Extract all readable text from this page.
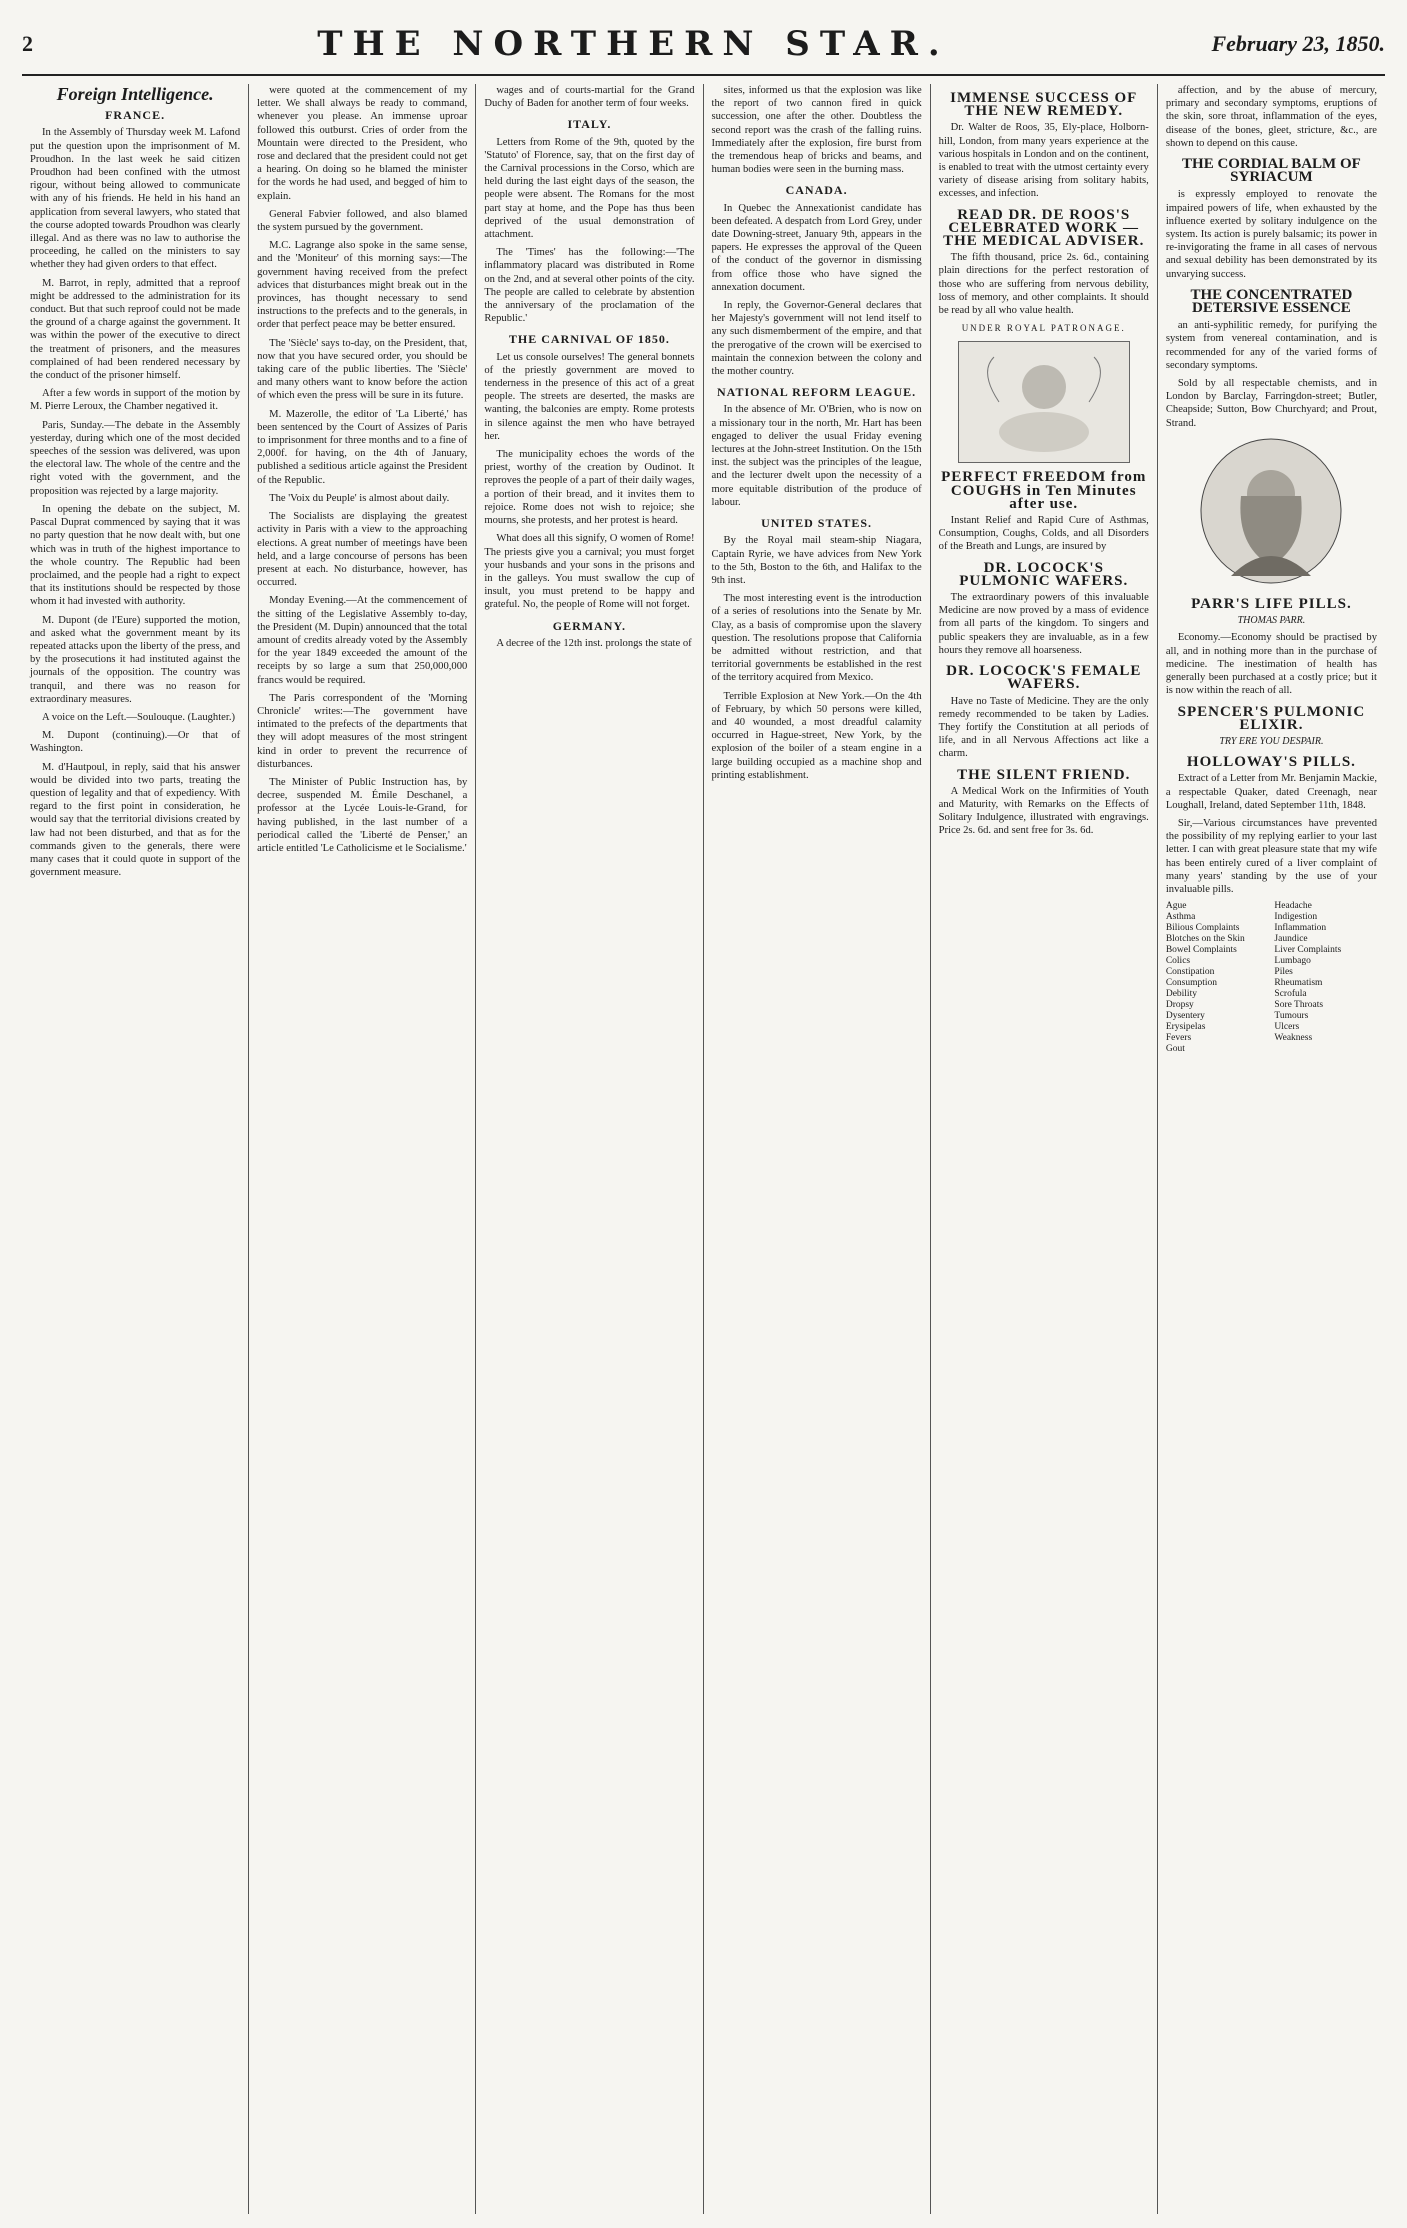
2	THE NORTHERN STAR.	February 23, 1850.
Foreign Intelligence.
FRANCE.

In the Assembly of Thursday week M. Lafond put the question upon the imprisonment of M. Proudhon. In the last week he said citizen Proudhon had been confined with the utmost rigour, without being allowed to communicate with any of his friends. He held in his hand an application from several lawyers, who stated that the course adopted towards Proudhon was clearly illegal. And as there was no law to authorise the proceeding, he called on the ministers to say whether they had given orders to that effect.

M. Barrot, in reply, admitted that a reproof might be addressed to the administration for its conduct. But that such reproof could not be made the ground of a charge against the government. It was within the power of the executive to direct the treatment of prisoners, and the measures complained of had been rendered necessary by the conduct of the prisoner himself.

After a few words in support of the motion by M. Pierre Leroux, the Chamber negatived it.

Paris, Sunday.—The debate in the Assembly yesterday, during which one of the most decided speeches of the session was delivered, was upon the electoral law. The whole of the centre and the right voted with the government, and the proposition was rejected by a large majority.

In opening the debate on the subject, M. Pascal Duprat commenced by saying that it was no party question that he now dealt with, but one which was in truth of the highest importance to the whole country. The Republic had been proclaimed, and the people had a right to expect that its institutions should be respected by those whom it had invested with authority.

M. Dupont (de l'Eure) supported the motion, and asked what the government meant by its repeated attacks upon the liberty of the press, and by the prosecutions it had instituted against the journals of the opposition. The country was tranquil, and there was no reason for extraordinary measures.

A voice on the Left.—Soulouque. (Laughter.)

M. Dupont (continuing).—Or that of Washington.

M. d'Hautpoul, in reply, said that his answer would be divided into two parts, treating the question of legality and that of expediency. With regard to the first point in consideration, he would say that the territorial divisions created by law had not been disturbed, and that as for the commands given to the generals, there were many cases that it could quote in support of the government measure.

were quoted at the commencement of my letter. We shall always be ready to command, whenever you please. An immense uproar followed this outburst. Cries of order from the Mountain were directed to the President, who rose and declared that the president could not get a hearing. On doing so he blamed the minister for the words he had used, and begged of him to explain.

General Fabvier followed, and also blamed the system pursued by the government.

M.C. Lagrange also spoke in the same sense, and the 'Moniteur' of this morning says:—The government having received from the prefect advices that disturbances might break out in the provinces, has thought necessary to send instructions to the prefects and to the generals, in order that perfect peace may be better ensured.

The 'Siècle' says to-day, on the President, that, now that you have secured order, you should be taking care of the public liberties. The 'Siècle' and many others want to know before the action of which even the press will be sure in its future.

M. Mazerolle, the editor of 'La Liberté,' has been sentenced by the Court of Assizes of Paris to imprisonment for three months and to a fine of 2,000f. for having, on the 4th of January, published a seditious article against the President of the Republic.

The 'Voix du Peuple' is almost about daily.

The Socialists are displaying the greatest activity in Paris with a view to the approaching elections. A great number of meetings have been held, and a large concourse of persons has been present at each. No disturbance, however, has occurred.

Monday Evening.—At the commencement of the sitting of the Legislative Assembly to-day, the President (M. Dupin) announced that the total amount of credits already voted by the Assembly for the year 1849 exceeded the amount of the receipts by so large a sum that 250,000,000 francs would be required.

The Paris correspondent of the 'Morning Chronicle' writes:—The government have intimated to the prefects of the departments that they will adopt measures of the most stringent kind in order to prevent the recurrence of disturbances.

The Minister of Public Instruction has, by decree, suspended M. Émile Deschanel, a professor at the Lycée Louis-le-Grand, for having published, in the last number of a periodical called the 'Liberté de Penser,' an article entitled 'Le Catholicisme et le Socialisme.'

wages and of courts-martial for the Grand Duchy of Baden for another term of four weeks.

ITALY.

Letters from Rome of the 9th, quoted by the 'Statuto' of Florence, say, that on the first day of the Carnival processions in the Corso, which are held during the last eight days of the season, the people were absent. The Romans for the most part stay at home, and the Pope has thus been deprived of the usual demonstration of attachment.

The 'Times' has the following:—'The inflammatory placard was distributed in Rome on the 2nd, and at several other points of the city. The people are called to celebrate by abstention the anniversary of the proclamation of the Republic.'

THE CARNIVAL OF 1850.

Let us console ourselves! The general bonnets of the priestly government are moved to tenderness in the presence of this act of a great people. The streets are deserted, the masks are wanting, the balconies are empty. Rome protests in silence against the men who have betrayed her.

The municipality echoes the words of the priest, worthy of the creation by Oudinot. It reproves the people of a part of their daily wages, a portion of their bread, and it invites them to rejoice. Rome does not wish to rejoice; she mourns, she protests, and her protest is heard.

What does all this signify, O women of Rome! The priests give you a carnival; you must forget your husbands and your sons in the prisons and in the galleys. You must swallow the cup of insult, you must pretend to be happy and grateful. No, the people of Rome will not forget.

GERMANY.

A decree of the 12th inst. prolongs the state of

sites, informed us that the explosion was like the report of two cannon fired in quick succession, one after the other. Doubtless the second report was the crash of the falling ruins. Immediately after the explosion, fire burst from the tremendous heap of bricks and beams, and human bodies were seen in the burning mass.

CANADA.

In Quebec the Annexationist candidate has been defeated. A despatch from Lord Grey, under date Downing-street, January 9th, appears in the papers. He expresses the approval of the Queen of the conduct of the governor in dismissing from office those who have signed the annexation document.

In reply, the Governor-General declares that her Majesty's government will not lend itself to any such dismemberment of the empire, and that the prerogative of the crown will be exercised to maintain the connexion between the colony and the mother country.

NATIONAL REFORM LEAGUE.

In the absence of Mr. O'Brien, who is now on a missionary tour in the north, Mr. Hart has been engaged to deliver the usual Friday evening lectures at the John-street Institution. On the 15th inst. the subject was the principles of the league, and the lecturer dwelt upon the necessity of a more equitable distribution of the produce of labour.

UNITED STATES.

By the Royal mail steam-ship Niagara, Captain Ryrie, we have advices from New York to the 5th, Boston to the 6th, and Halifax to the 9th inst.

The most interesting event is the introduction of a series of resolutions into the Senate by Mr. Clay, as a basis of compromise upon the slavery question. The resolutions propose that California be admitted without restriction, and that territorial governments be established in the rest of the territory acquired from Mexico.

Terrible Explosion at New York.—On the 4th of February, by which 50 persons were killed, and 40 wounded, a most dreadful calamity occurred in Hague-street, New York, by the explosion of the boiler of a steam engine in a large building occupied as a machine shop and printing establishment.

IMMENSE SUCCESS OF THE NEW REMEDY.

Dr. Walter de Roos, 35, Ely-place, Holborn-hill, London, from many years experience at the various hospitals in London and on the continent, is enabled to treat with the utmost certainty every variety of disease arising from solitary habits, excesses, and infection.

READ DR. DE ROOS'S CELEBRATED WORK — THE MEDICAL ADVISER.

The fifth thousand, price 2s. 6d., containing plain directions for the perfect restoration of those who are suffering from nervous debility, loss of memory, and other complaints. It should be read by all who value health.

UNDER ROYAL PATRONAGE.
PERFECT FREEDOM from COUGHS in Ten Minutes after use.

Instant Relief and Rapid Cure of Asthmas, Consumption, Coughs, Colds, and all Disorders of the Breath and Lungs, are insured by

DR. LOCOCK'S PULMONIC WAFERS.

The extraordinary powers of this invaluable Medicine are now proved by a mass of evidence from all parts of the kingdom. To singers and public speakers they are invaluable, as in a few hours they remove all hoarseness.

DR. LOCOCK'S FEMALE WAFERS.

Have no Taste of Medicine. They are the only remedy recommended to be taken by Ladies. They fortify the Constitution at all periods of life, and in all Nervous Affections act like a charm.

THE SILENT FRIEND.

A Medical Work on the Infirmities of Youth and Maturity, with Remarks on the Effects of Solitary Indulgence, illustrated with engravings. Price 2s. 6d. and sent free for 3s. 6d.

affection, and by the abuse of mercury, primary and secondary symptoms, eruptions of the skin, sore throat, inflammation of the eyes, disease of the bones, gleet, stricture, &c., are shown to depend on this cause.

THE CORDIAL BALM OF SYRIACUM

is expressly employed to renovate the impaired powers of life, when exhausted by the influence exerted by solitary indulgence on the system. Its action is purely balsamic; its power in re-invigorating the frame in all cases of nervous and sexual debility has been demonstrated by its unvarying success.

THE CONCENTRATED DETERSIVE ESSENCE

an anti-syphilitic remedy, for purifying the system from venereal contamination, and is recommended for any of the varied forms of secondary symptoms.

Sold by all respectable chemists, and in London by Barclay, Farringdon-street; Butler, Cheapside; Sutton, Bow Churchyard; and Prout, Strand.

PARR'S LIFE PILLS.
THOMAS PARR.

Economy.—Economy should be practised by all, and in nothing more than in the purchase of medicine. The inestimation of health has generally been purchased at a costly price; but it is now within the reach of all.

SPENCER'S PULMONIC ELIXIR.
TRY ERE YOU DESPAIR.
HOLLOWAY'S PILLS.

Extract of a Letter from Mr. Benjamin Mackie, a respectable Quaker, dated Creenagh, near Loughall, Ireland, dated September 11th, 1848.

Sir,—Various circumstances have prevented the possibility of my replying earlier to your last letter. I can with great pleasure state that my wife has been entirely cured of a liver complaint of many years' standing by the use of your invaluable pills.

Ague
Asthma
Bilious Complaints
Blotches on the Skin
Bowel Complaints
Colics
Constipation
Consumption
Debility
Dropsy
Dysentery
Erysipelas
Fevers
Gout
Headache
Indigestion
Inflammation
Jaundice
Liver Complaints
Lumbago
Piles
Rheumatism
Scrofula
Sore Throats
Tumours
Ulcers
Weakness
